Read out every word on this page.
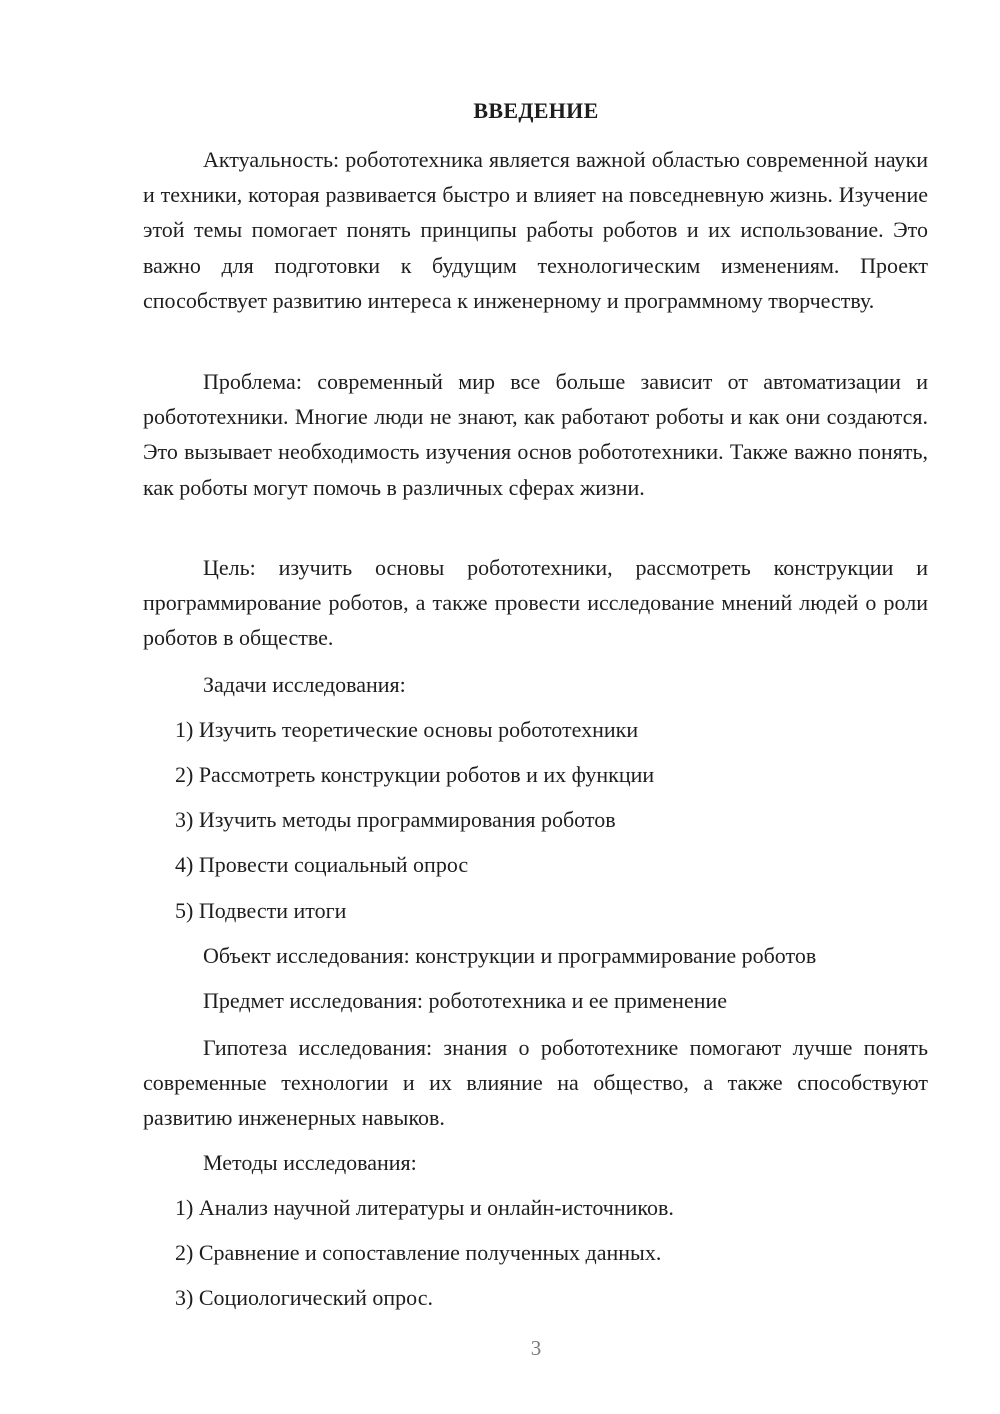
ВВЕДЕНИЕ

Актуальность: робототехника является важной областью современной науки и техники, которая развивается быстро и влияет на повседневную жизнь. Изучение этой темы помогает понять принципы работы роботов и их использование. Это важно для подготовки к будущим технологическим изменениям. Проект способствует развитию интереса к инженерному и программному творчеству.

Проблема: современный мир все больше зависит от автоматизации и робототехники. Многие люди не знают, как работают роботы и как они создаются. Это вызывает необходимость изучения основ робототехники. Также важно понять, как роботы могут помочь в различных сферах жизни.

Цель: изучить основы робототехники, рассмотреть конструкции и программирование роботов, а также провести исследование мнений людей о роли роботов в обществе.

Задачи исследования:
1) Изучить теоретические основы робототехники
2) Рассмотреть конструкции роботов и их функции
3) Изучить методы программирования роботов
4) Провести социальный опрос
5) Подвести итоги
Объект исследования: конструкции и программирование роботов
Предмет исследования: робототехника и ее применение

Гипотеза исследования: знания о робототехнике помогают лучше понять современные технологии и их влияние на общество, а также способствуют развитию инженерных навыков.

Методы исследования:
1) Анализ научной литературы и онлайн-источников.
2) Сравнение и сопоставление полученных данных.
3) Социологический опрос.
3
